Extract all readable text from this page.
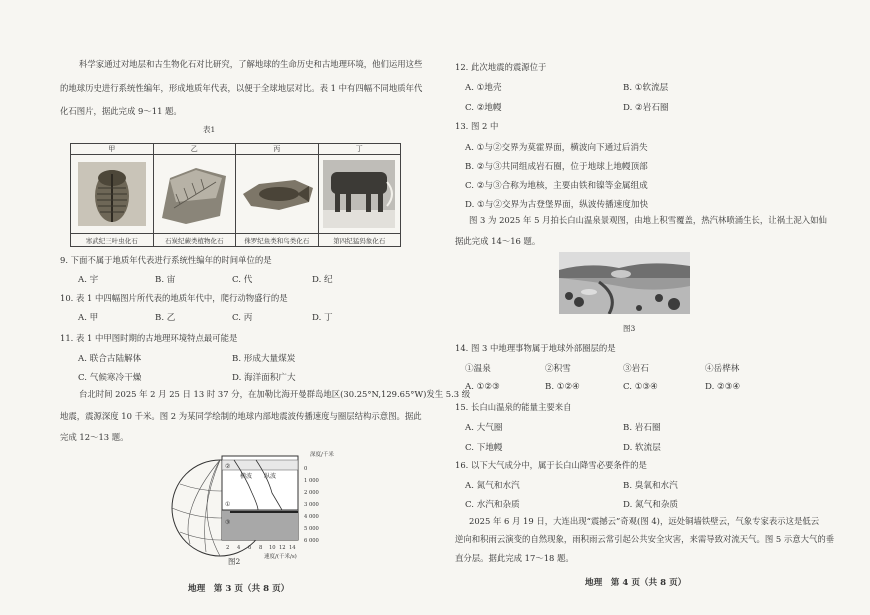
科学家通过对地层和古生物化石对比研究，了解地球的生命历史和古地理环境，他们运用这些
的地球历史进行系统性编年，形成地质年代表，以便于全球地层对比。表 1 中有四幅不同地质年代
化石图片，据此完成 9～11 题。
表1
甲	乙	丙	丁

寒武纪三叶虫化石	石炭纪蕨类植物化石	侏罗纪鱼类和鸟类化石	第四纪猛犸象化石
9. 下面不属于地质年代表进行系统性编年的时间单位的是
A. 宇	B. 宙	C. 代	D. 纪
10. 表 1 中四幅图片所代表的地质年代中，爬行动物盛行的是
A. 甲	B. 乙	C. 丙	D. 丁
11. 表 1 中甲图时期的古地理环境特点最可能是
A. 联合古陆解体	B. 形成大量煤炭
C. 气候寒冷干燥	D. 海洋面积广大
台北时间 2025 年 2 月 25 日 13 时 37 分，在加勒比海开曼群岛地区(30.25°N,129.65°W)发生 5.3 级
地震，震源深度 10 千米。图 2 为某同学绘制的地球内部地震波传播速度与圈层结构示意图。据此
完成 12～13 题。
①
②
③
横波 纵波
深度/千米
0
1 000
2 000
3 000
4 000
5 000
6 000
2 4 6 8 10 12 14
速度/(千米/s)
图2
地理　第 3 页（共 8 页）
12. 此次地震的震源位于
A. ①地壳	B. ①软流层
C. ②地幔	D. ②岩石圈
13. 图 2 中
A. ①与②交界为莫霍界面，横波向下通过后消失
B. ②与③共同组成岩石圈，位于地球上地幔顶部
C. ②与③合称为地核，主要由铁和镍等金属组成
D. ①与②交界为古登堡界面，纵波传播速度加快
图 3 为 2025 年 5 月拍长白山温泉景观图，由地上积雪覆盖，热汽林喷涌生长，让祸土泥入如仙
据此完成 14～16 题。
图3
14. 图 3 中地理事物属于地球外部圈层的是
①温泉	②积雪	③岩石	④岳桦林
A. ①②③	B. ①②④	C. ①③④	D. ②③④
15. 长白山温泉的能量主要来自
A. 大气圈	B. 岩石圈
C. 下地幔	D. 软流层
16. 以下大气成分中，属于长白山降雪必要条件的是
A. 氮气和水汽	B. 臭氧和水汽
C. 水汽和杂质	D. 氮气和杂质
2025 年 6 月 19 日，大连出现“震撼云”奇观(图 4)，远处铜墙铁壁云，气象专家表示这是低云
逆向和积雨云演变的自然现象，雨积雨云常引起公共安全灾害，来需导致对流天气。图 5 示意大气的垂
直分层。据此完成 17～18 题。
地理　第 4 页（共 8 页）
